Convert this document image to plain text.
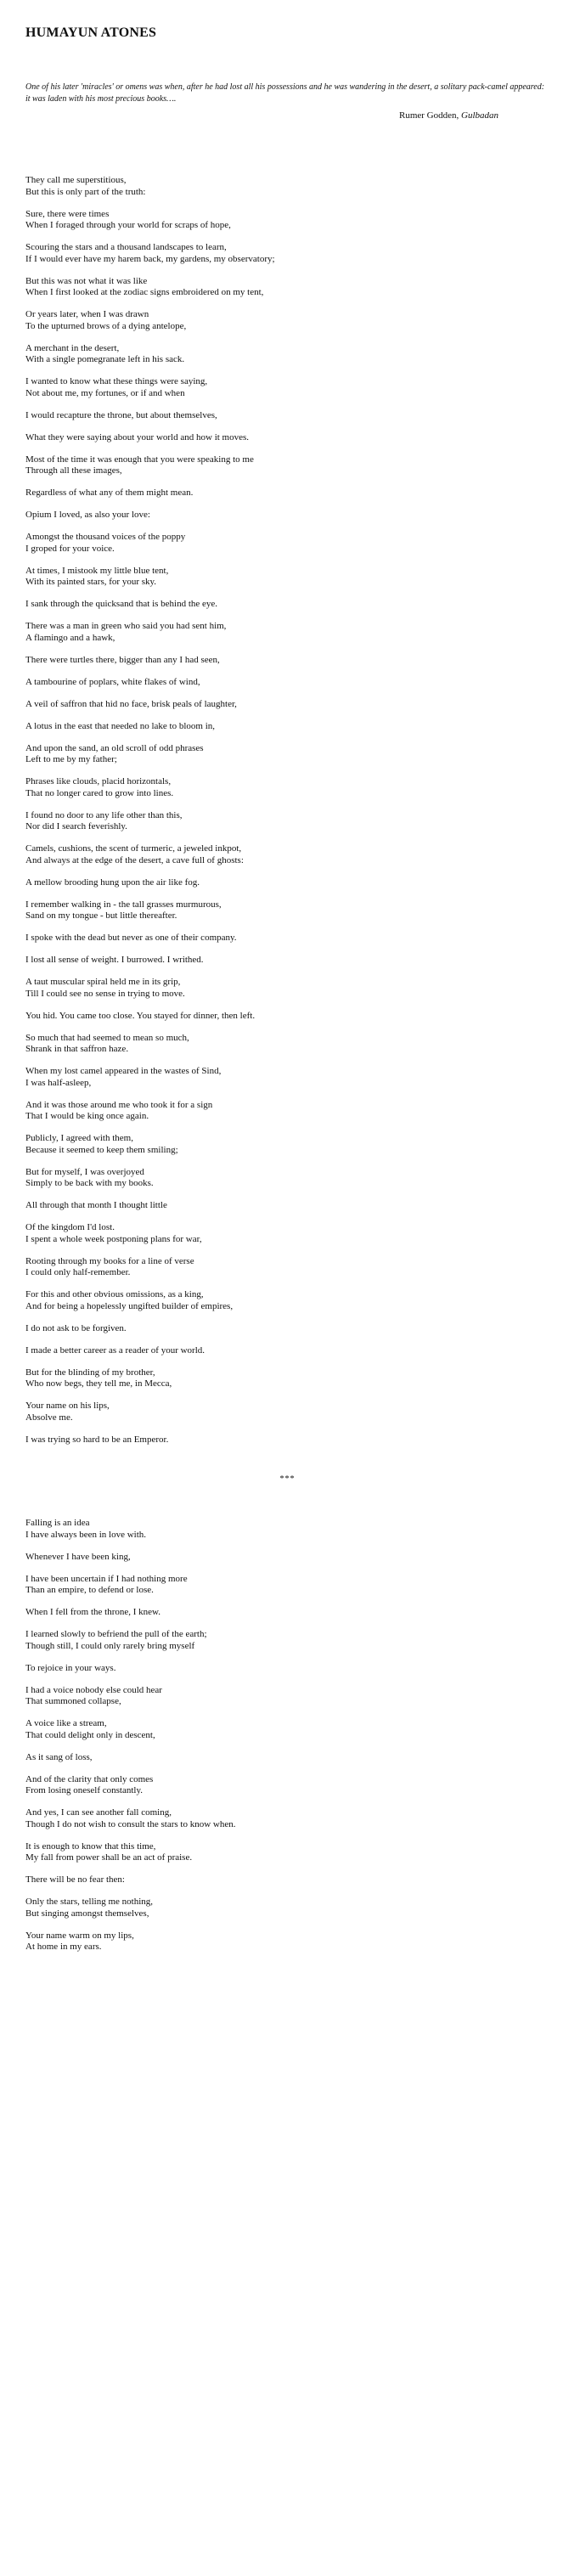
HUMAYUN ATONES

One of his later 'miracles' or omens was when, after he had lost all his possessions and he was wandering in the desert, a solitary pack-camel appeared: it was laden with his most precious books….

Rumer Godden, Gulbadan

They call me superstitious,
But this is only part of the truth:

Sure, there were times
When I foraged through your world for scraps of hope,

Scouring the stars and a thousand landscapes to learn,
If I would ever have my harem back, my gardens, my observatory;

But this was not what it was like
When I first looked at the zodiac signs embroidered on my tent,

Or years later, when I was drawn
To the upturned brows of a dying antelope,

A merchant in the desert,
With a single pomegranate left in his sack.

I wanted to know what these things were saying,
Not about me, my fortunes, or if and when

I would recapture the throne, but about themselves,

What they were saying about your world and how it moves.

Most of the time it was enough that you were speaking to me
Through all these images,

Regardless of what any of them might mean.

Opium I loved, as also your love:

Amongst the thousand voices of the poppy
I groped for your voice.

At times, I mistook my little blue tent,
With its painted stars, for your sky.

I sank through the quicksand that is behind the eye.

There was a man in green who said you had sent him,
A flamingo and a hawk,

There were turtles there, bigger than any I had seen,

A tambourine of poplars, white flakes of wind,

A veil of saffron that hid no face, brisk peals of laughter,

A lotus in the east that needed no lake to bloom in,

And upon the sand, an old scroll of odd phrases
Left to me by my father;

Phrases like clouds, placid horizontals,
That no longer cared to grow into lines.

I found no door to any life other than this,
Nor did I search feverishly.

Camels, cushions, the scent of turmeric, a jeweled inkpot,
And always at the edge of the desert, a cave full of ghosts:

A mellow brooding hung upon the air like fog.

I remember walking in - the tall grasses murmurous,
Sand on my tongue - but little thereafter.

I spoke with the dead but never as one of their company.

I lost all sense of weight. I burrowed. I writhed.

A taut muscular spiral held me in its grip,
Till I could see no sense in trying to move.

You hid. You came too close. You stayed for dinner, then left.

So much that had seemed to mean so much,
Shrank in that saffron haze.

When my lost camel appeared in the wastes of Sind,
I was half-asleep,

And it was those around me who took it for a sign
That I would be king once again.

Publicly, I agreed with them,
Because it seemed to keep them smiling;

But for myself, I was overjoyed
Simply to be back with my books.

All through that month I thought little

Of the kingdom I'd lost.
I spent a whole week postponing plans for war,

Rooting through my books for a line of verse
I could only half-remember.

For this and other obvious omissions, as a king,
And for being a hopelessly ungifted builder of empires,

I do not ask to be forgiven.

I made a better career as a reader of your world.

But for the blinding of my brother,
Who now begs, they tell me, in Mecca,

Your name on his lips,
Absolve me.

I was trying so hard to be an Emperor.

***

Falling is an idea
I have always been in love with.

Whenever I have been king,

I have been uncertain if I had nothing more
Than an empire, to defend or lose.

When I fell from the throne, I knew.

I learned slowly to befriend the pull of the earth;
Though still, I could only rarely bring myself

To rejoice in your ways.

I had a voice nobody else could hear
That summoned collapse,

A voice like a stream,
That could delight only in descent,

As it sang of loss,

And of the clarity that only comes
From losing oneself constantly.

And yes, I can see another fall coming,
Though I do not wish to consult the stars to know when.

It is enough to know that this time,
My fall from power shall be an act of praise.

There will be no fear then:

Only the stars, telling me nothing,
But singing amongst themselves,

Your name warm on my lips,
At home in my ears.
